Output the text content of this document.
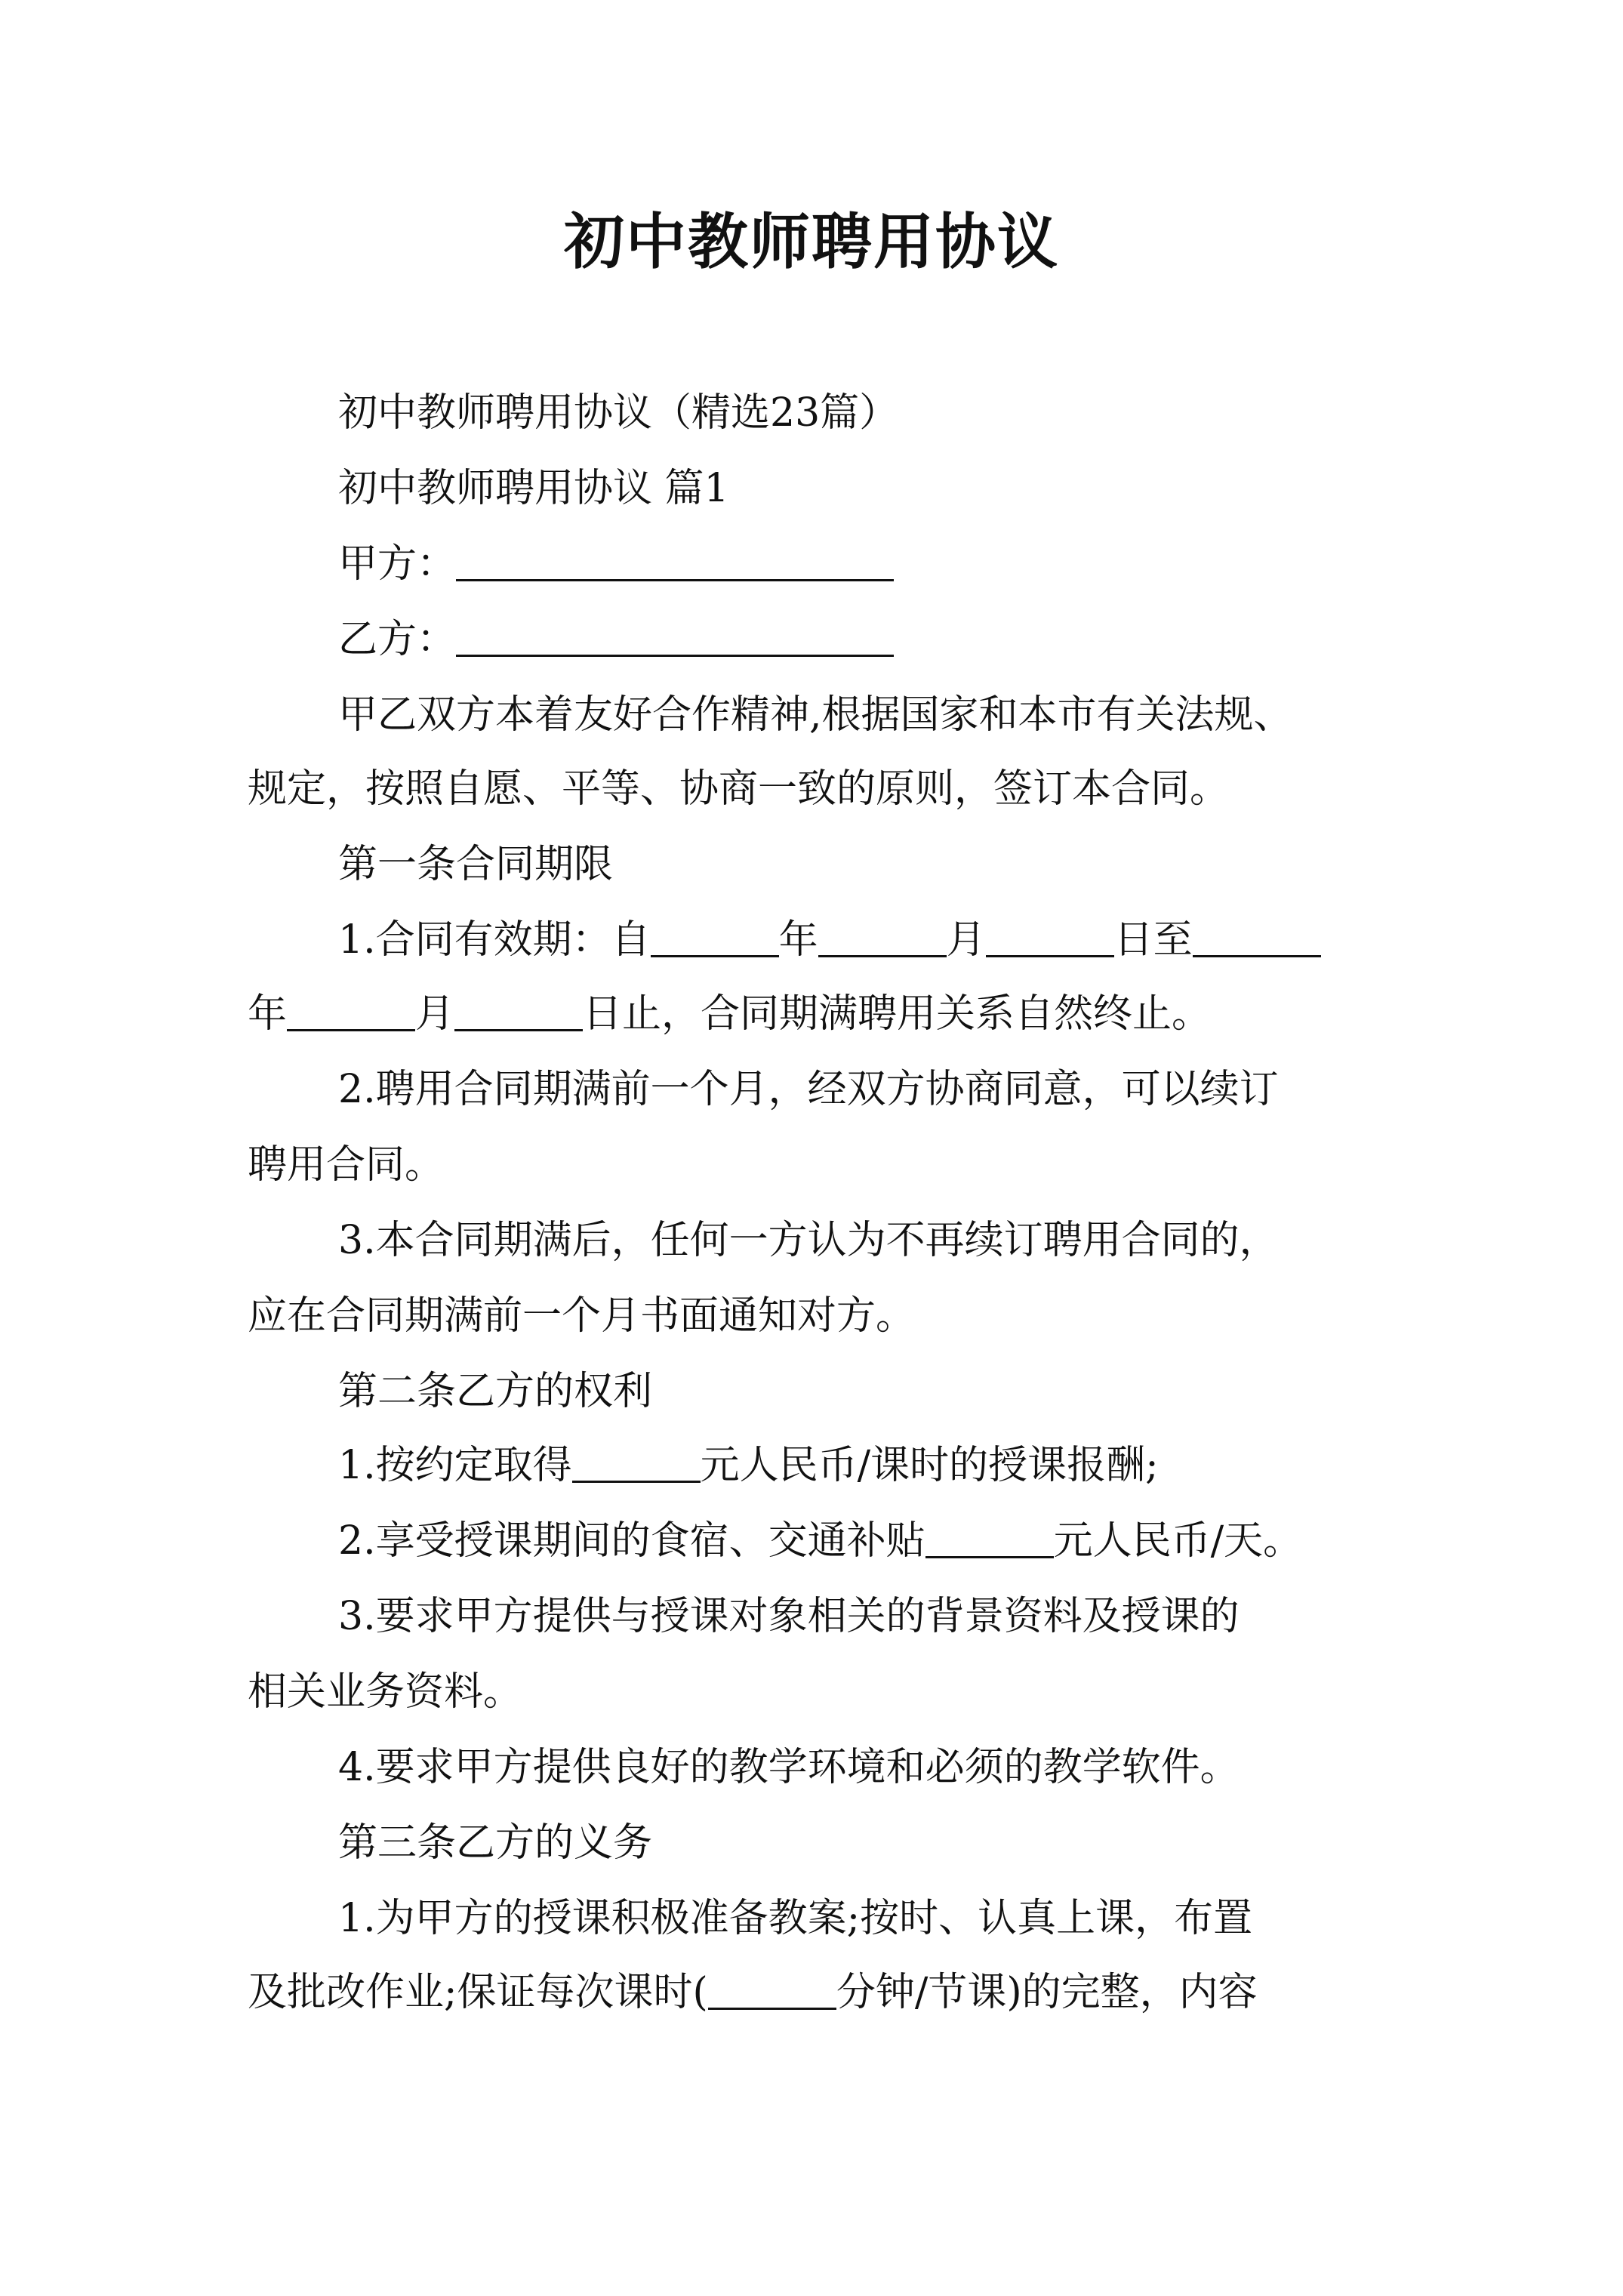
初中教师聘用协议
初中教师聘用协议（精选23篇）
初中教师聘用协议 篇1
甲方：
乙方：
甲乙双方本着友好合作精神,根据国家和本市有关法规、
规定，按照自愿、平等、协商一致的原则，签订本合同。
第一条合同期限
1.合同有效期：自	年	月	日至
年	月	日止，合同期满聘用关系自然终止。
2.聘用合同期满前一个月，经双方协商同意，可以续订
聘用合同。
3.本合同期满后，任何一方认为不再续订聘用合同的，
应在合同期满前一个月书面通知对方。
第二条乙方的权利
1.按约定取得	元人民币/课时的授课报酬;
2.享受授课期间的食宿、交通补贴	元人民币/天。
3.要求甲方提供与授课对象相关的背景资料及授课的
相关业务资料。
4.要求甲方提供良好的教学环境和必须的教学软件。
第三条乙方的义务
1.为甲方的授课积极准备教案;按时、认真上课，布置
及批改作业;保证每次课时(	分钟/节课)的完整，内容
